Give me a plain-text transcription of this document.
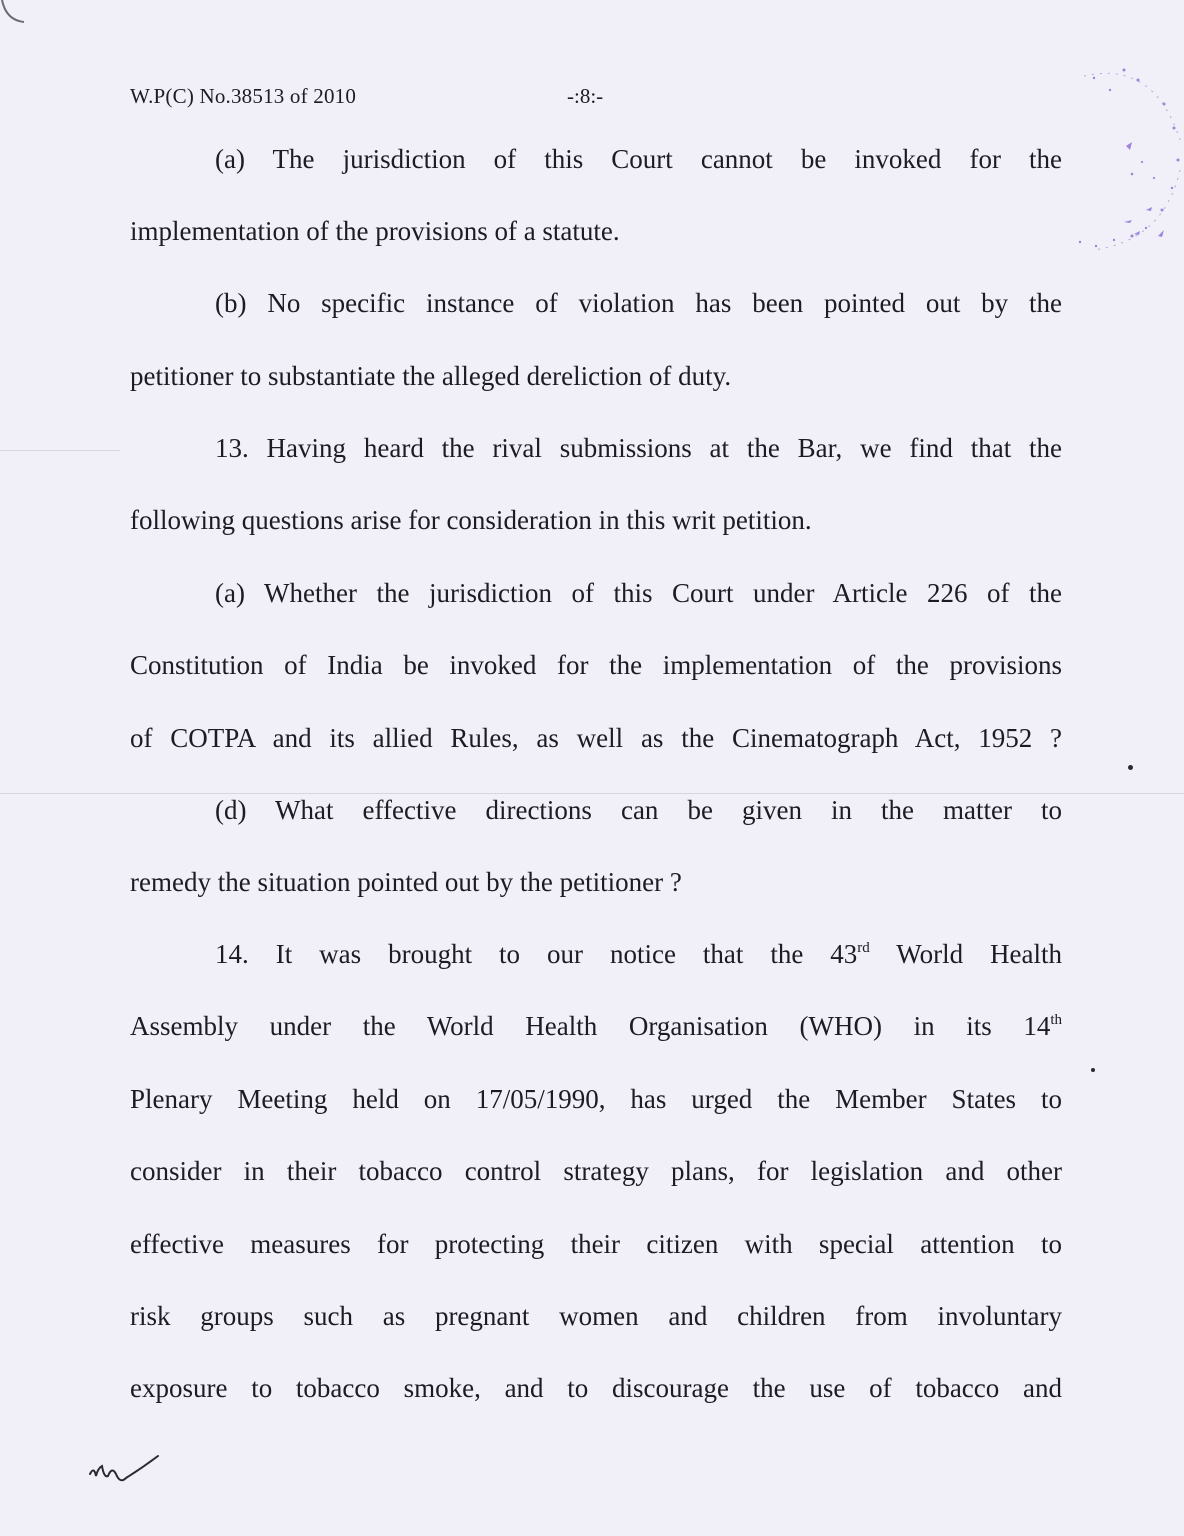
W.P(C) No.38513 of 2010	-:8:-
(a) The jurisdiction of this Court cannot be invoked for the
implementation of the provisions of a statute.
(b) No specific instance of violation has been pointed out by the
petitioner to substantiate the alleged dereliction of duty.
13. Having heard the rival submissions at the Bar, we find that the
following questions arise for consideration in this writ petition.
(a) Whether the jurisdiction of this Court under Article 226 of the
Constitution of India be invoked for the implementation of the provisions
of COTPA and its allied Rules, as well as the Cinematograph Act, 1952 ?
(d) What effective directions can be given in the matter to
remedy the situation pointed out by the petitioner ?
14. It was brought to our notice that the 43rd World Health
Assembly under the World Health Organisation (WHO) in its 14th
Plenary Meeting held on 17/05/1990, has urged the Member States to
consider in their tobacco control strategy plans, for legislation and other
effective measures for protecting their citizen with special attention to
risk groups such as pregnant women and children from involuntary
exposure to tobacco smoke, and to discourage the use of tobacco and
